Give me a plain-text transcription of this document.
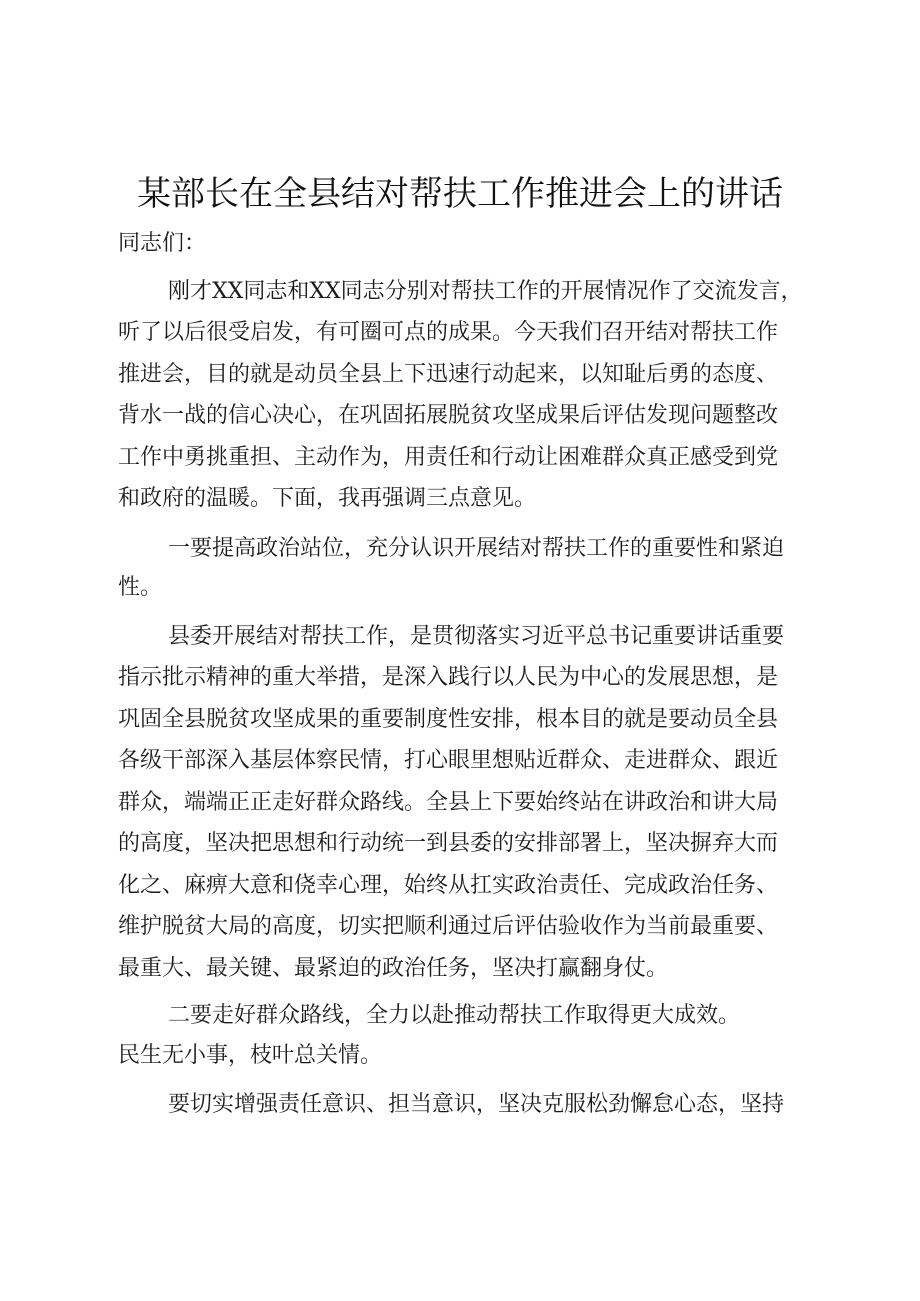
某部长在全县结对帮扶工作推进会上的讲话
同志们：
刚才XX同志和XX同志分别对帮扶工作的开展情况作了交流发言，
听了以后很受启发，有可圈可点的成果。今天我们召开结对帮扶工作
推进会，目的就是动员全县上下迅速行动起来，以知耻后勇的态度、
背水一战的信心决心，在巩固拓展脱贫攻坚成果后评估发现问题整改
工作中勇挑重担、主动作为，用责任和行动让困难群众真正感受到党
和政府的温暖。下面，我再强调三点意见。
一要提高政治站位，充分认识开展结对帮扶工作的重要性和紧迫
性。
县委开展结对帮扶工作，是贯彻落实习近平总书记重要讲话重要
指示批示精神的重大举措，是深入践行以人民为中心的发展思想，是
巩固全县脱贫攻坚成果的重要制度性安排，根本目的就是要动员全县
各级干部深入基层体察民情，打心眼里想贴近群众、走进群众、跟近
群众，端端正正走好群众路线。全县上下要始终站在讲政治和讲大局
的高度，坚决把思想和行动统一到县委的安排部署上，坚决摒弃大而
化之、麻痹大意和侥幸心理，始终从扛实政治责任、完成政治任务、
维护脱贫大局的高度，切实把顺利通过后评估验收作为当前最重要、
最重大、最关键、最紧迫的政治任务，坚决打赢翻身仗。
二要走好群众路线，全力以赴推动帮扶工作取得更大成效。
民生无小事，枝叶总关情。
要切实增强责任意识、担当意识，坚决克服松劲懈怠心态，坚持
